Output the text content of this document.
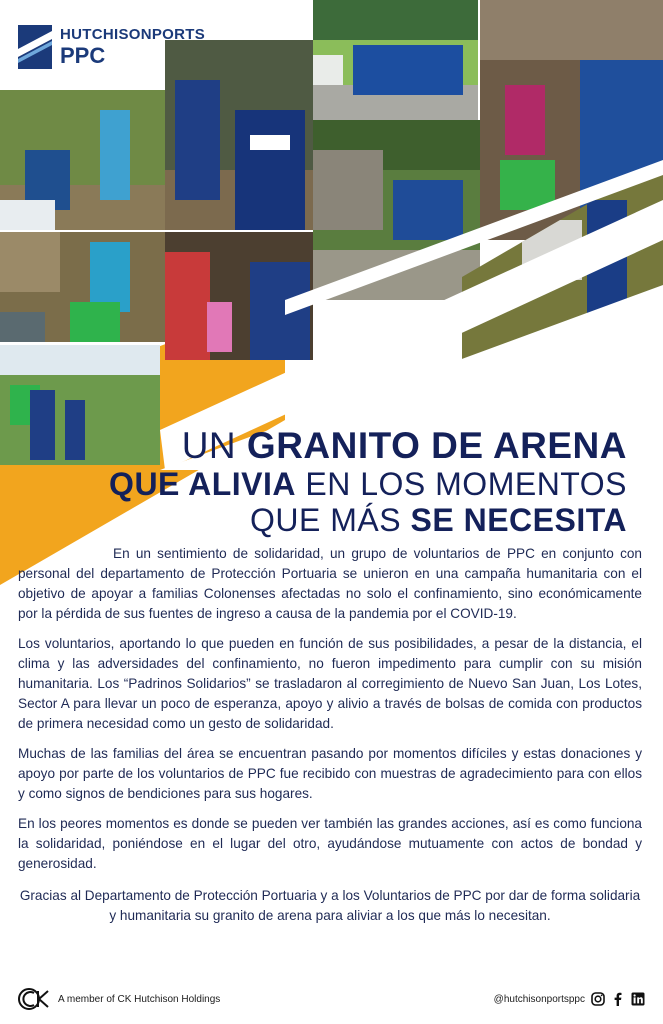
HUTCHISONPORTS
PPC
UN GRANITO DE ARENA
QUE ALIVIA EN LOS MOMENTOS
QUE MÁS SE NECESITA

En un sentimiento de solidaridad, un grupo de voluntarios de PPC en conjunto con personal del departamento de Protección Portuaria se unieron en una campaña humanitaria con el objetivo de apoyar a familias Colonenses afectadas no solo el confinamiento, sino económicamente por la pérdida de sus fuentes de ingreso a causa de la pandemia por el COVID-19.

Los voluntarios, aportando lo que pueden en función de sus posibilidades, a pesar de la distancia, el clima y las adversidades del confinamiento, no fueron impedimento para cumplir con su misión humanitaria. Los “Padrinos Solidarios” se trasladaron al corregimiento de Nuevo San Juan, Los Lotes, Sector A para llevar un poco de esperanza, apoyo y alivio a través de bolsas de comida con productos de primera necesidad como un gesto de solidaridad.

Muchas de las familias del área se encuentran pasando por momentos difíciles y estas donaciones y apoyo por parte de los voluntarios de PPC fue recibido con muestras de agradecimiento para con ellos y como signos de bendiciones para sus hogares.

En los peores momentos es donde se pueden ver también las grandes acciones, así es como funciona la solidaridad, poniéndose en el lugar del otro, ayudándose mutuamente con actos de bondad y generosidad.

Gracias al Departamento de Protección Portuaria y a los Voluntarios de PPC por dar de forma solidaria y humanitaria su granito de arena para aliviar a los que más lo necesitan.

A member of CK Hutchison Holdings	@hutchisonportsppc
